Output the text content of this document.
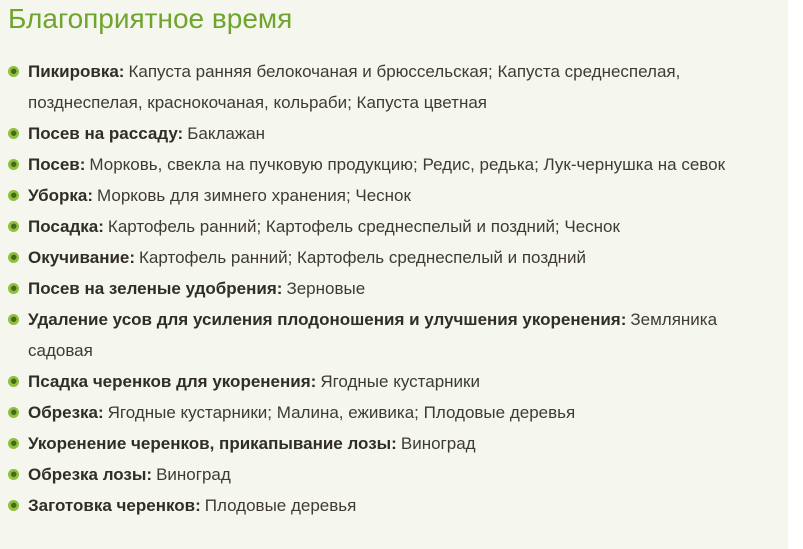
Благоприятное время
Пикировка: Капуста ранняя белокочаная и брюссельская; Капуста среднеспелая, позднеспелая, краснокочаная, кольраби; Капуста цветная
Посев на рассаду: Баклажан
Посев: Морковь, свекла на пучковую продукцию; Редис, редька; Лук-чернушка на севок
Уборка: Морковь для зимнего хранения; Чеснок
Посадка: Картофель ранний; Картофель среднеспелый и поздний; Чеснок
Окучивание: Картофель ранний; Картофель среднеспелый и поздний
Посев на зеленые удобрения: Зерновые
Удаление усов для усиления плодоношения и улучшения укоренения: Земляника садовая
Псадка черенков для укоренения: Ягодные кустарники
Обрезка: Ягодные кустарники; Малина, еживика; Плодовые деревья
Укоренение черенков, прикапывание лозы: Виноград
Обрезка лозы: Виноград
Заготовка черенков: Плодовые деревья
